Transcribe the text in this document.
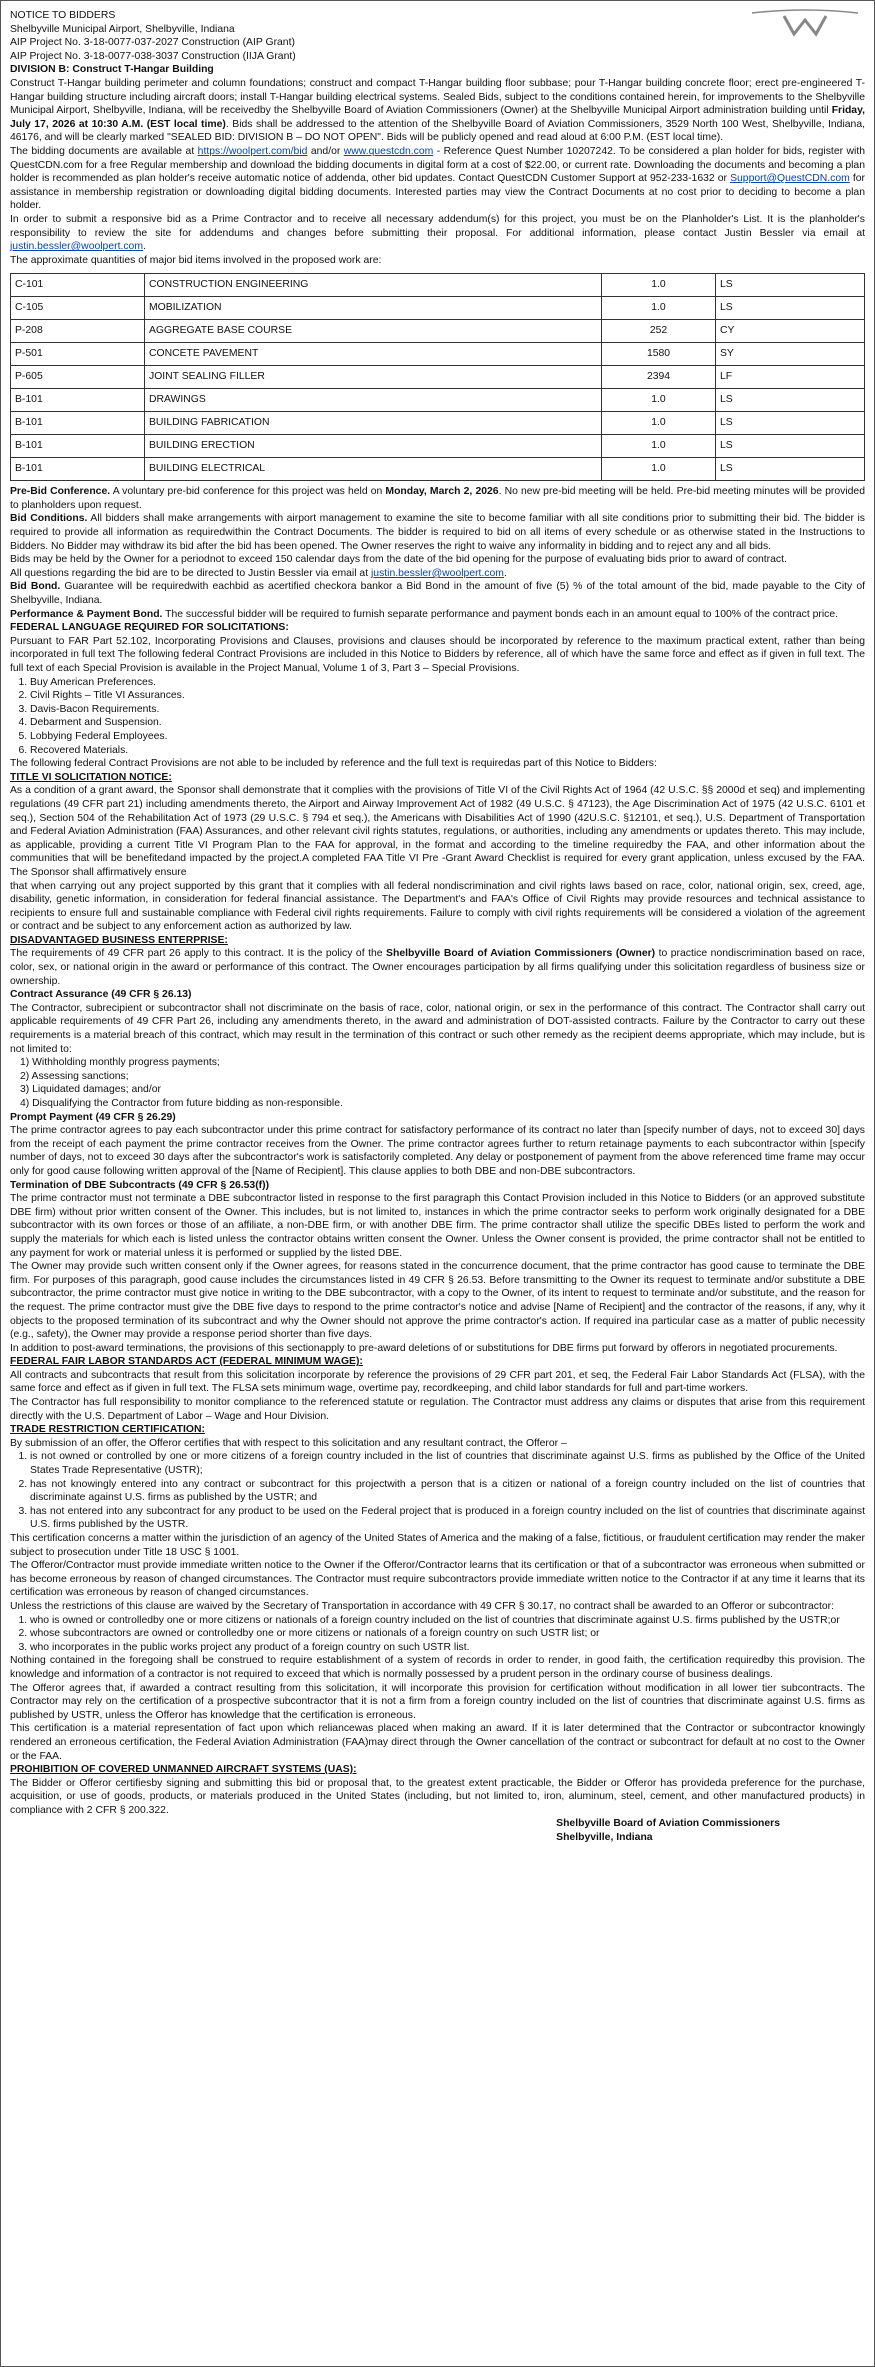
NOTICE TO BIDDERS

Shelbyville Municipal Airport, Shelbyville, Indiana

AIP Project No. 3-18-0077-037-2027 Construction (AIP Grant)

AIP Project No. 3-18-0077-038-3037 Construction (IIJA Grant)

DIVISION B: Construct T-Hangar Building

Construct T-Hangar building perimeter and column foundations; construct and compact T-Hangar building floor subbase; pour T-Hangar building concrete floor; erect pre-engineered T-Hangar building structure including aircraft doors; install T-Hangar building electrical systems. Sealed Bids, subject to the conditions contained herein, for improvements to the Shelbyville Municipal Airport, Shelbyville, Indiana, will be receivedby the Shelbyville Board of Aviation Commissioners (Owner) at the Shelbyville Municipal Airport administration building until Friday, July 17, 2026 at 10:30 A.M. (EST local time). Bids shall be addressed to the attention of the Shelbyville Board of Aviation Commissioners, 3529 North 100 West, Shelbyville, Indiana, 46176, and will be clearly marked "SEALED BID: DIVISION B – DO NOT OPEN". Bids will be publicly opened and read aloud at 6:00 P.M. (EST local time).

The bidding documents are available at https://woolpert.com/bid and/or www.questcdn.com - Reference Quest Number 10207242. To be considered a plan holder for bids, register with QuestCDN.com for a free Regular membership and download the bidding documents in digital form at a cost of $22.00, or current rate. Downloading the documents and becoming a plan holder is recommended as plan holder's receive automatic notice of addenda, other bid updates. Contact QuestCDN Customer Support at 952-233-1632 or Support@QuestCDN.com for assistance in membership registration or downloading digital bidding documents. Interested parties may view the Contract Documents at no cost prior to deciding to become a plan holder.

In order to submit a responsive bid as a Prime Contractor and to receive all necessary addendum(s) for this project, you must be on the Planholder's List. It is the planholder's responsibility to review the site for addendums and changes before submitting their proposal. For additional information, please contact Justin Bessler via email at justin.bessler@woolpert.com.

The approximate quantities of major bid items involved in the proposed work are:

C-101	CONSTRUCTION ENGINEERING	1.0	LS
C-105	MOBILIZATION	1.0	LS
P-208	AGGREGATE BASE COURSE	252	CY
P-501	CONCETE PAVEMENT	1580	SY
P-605	JOINT SEALING FILLER	2394	LF
B-101	DRAWINGS	1.0	LS
B-101	BUILDING FABRICATION	1.0	LS
B-101	BUILDING ERECTION	1.0	LS
B-101	BUILDING ELECTRICAL	1.0	LS

Pre-Bid Conference. A voluntary pre-bid conference for this project was held on Monday, March 2, 2026. No new pre-bid meeting will be held. Pre-bid meeting minutes will be provided to planholders upon request.

Bid Conditions. All bidders shall make arrangements with airport management to examine the site to become familiar with all site conditions prior to submitting their bid. The bidder is required to provide all information as requiredwithin the Contract Documents. The bidder is required to bid on all items of every schedule or as otherwise stated in the Instructions to Bidders. No Bidder may withdraw its bid after the bid has been opened. The Owner reserves the right to waive any informality in bidding and to reject any and all bids.

Bids may be held by the Owner for a periodnot to exceed 150 calendar days from the date of the bid opening for the purpose of evaluating bids prior to award of contract.

All questions regarding the bid are to be directed to Justin Bessler via email at justin.bessler@woolpert.com.

Bid Bond. Guarantee will be requiredwith eachbid as acertified checkora bankor a Bid Bond in the amount of five (5) % of the total amount of the bid, made payable to the City of Shelbyville, Indiana.

Performance & Payment Bond. The successful bidder will be required to furnish separate performance and payment bonds each in an amount equal to 100% of the contract price.

FEDERAL LANGUAGE REQUIRED FOR SOLICITATIONS:

Pursuant to FAR Part 52.102, Incorporating Provisions and Clauses, provisions and clauses should be incorporated by reference to the maximum practical extent, rather than being incorporated in full text The following federal Contract Provisions are included in this Notice to Bidders by reference, all of which have the same force and effect as if given in full text. The full text of each Special Provision is available in the Project Manual, Volume 1 of 3, Part 3 – Special Provisions.

1. Buy American Preferences.
2. Civil Rights – Title VI Assurances.
3. Davis-Bacon Requirements.
4. Debarment and Suspension.
5. Lobbying Federal Employees.
6. Recovered Materials.

The following federal Contract Provisions are not able to be included by reference and the full text is requiredas part of this Notice to Bidders:

TITLE VI SOLICITATION NOTICE:

As a condition of a grant award, the Sponsor shall demonstrate that it complies with the provisions of Title VI of the Civil Rights Act of 1964 (42 U.S.C. §§ 2000d et seq) and implementing regulations (49 CFR part 21) including amendments thereto, the Airport and Airway Improvement Act of 1982 (49 U.S.C. § 47123), the Age Discrimination Act of 1975 (42 U.S.C. 6101 et seq.), Section 504 of the Rehabilitation Act of 1973 (29 U.S.C. § 794 et seq.), the Americans with Disabilities Act of 1990 (42U.S.C. §12101, et seq.), U.S. Department of Transportation and Federal Aviation Administration (FAA) Assurances, and other relevant civil rights statutes, regulations, or authorities, including any amendments or updates thereto. This may include, as applicable, providing a current Title VI Program Plan to the FAA for approval, in the format and according to the timeline requiredby the FAA, and other information about the communities that will be benefitedand impacted by the project.A completed FAA Title VI Pre -Grant Award Checklist is required for every grant application, unless excused by the FAA. The Sponsor shall affirmatively ensure

that when carrying out any project supported by this grant that it complies with all federal nondiscrimination and civil rights laws based on race, color, national origin, sex, creed, age, disability, genetic information, in consideration for federal financial assistance. The Department's and FAA's Office of Civil Rights may provide resources and technical assistance to recipients to ensure full and sustainable compliance with Federal civil rights requirements. Failure to comply with civil rights requirements will be considered a violation of the agreement or contract and be subject to any enforcement action as authorized by law.

DISADVANTAGED BUSINESS ENTERPRISE:

The requirements of 49 CFR part 26 apply to this contract. It is the policy of the Shelbyville Board of Aviation Commissioners (Owner) to practice nondiscrimination based on race, color, sex, or national origin in the award or performance of this contract. The Owner encourages participation by all firms qualifying under this solicitation regardless of business size or ownership.

Contract Assurance (49 CFR § 26.13)

The Contractor, subrecipient or subcontractor shall not discriminate on the basis of race, color, national origin, or sex in the performance of this contract. The Contractor shall carry out applicable requirements of 49 CFR Part 26, including any amendments thereto, in the award and administration of DOT-assisted contracts. Failure by the Contractor to carry out these requirements is a material breach of this contract, which may result in the termination of this contract or such other remedy as the recipient deems appropriate, which may include, but is not limited to:

1) Withholding monthly progress payments;
2) Assessing sanctions;
3) Liquidated damages; and/or
4) Disqualifying the Contractor from future bidding as non-responsible.

Prompt Payment (49 CFR § 26.29)

The prime contractor agrees to pay each subcontractor under this prime contract for satisfactory performance of its contract no later than [specify number of days, not to exceed 30] days from the receipt of each payment the prime contractor receives from the Owner. The prime contractor agrees further to return retainage payments to each subcontractor within [specify number of days, not to exceed 30 days after the subcontractor's work is satisfactorily completed. Any delay or postponement of payment from the above referenced time frame may occur only for good cause following written approval of the [Name of Recipient]. This clause applies to both DBE and non-DBE subcontractors.

Termination of DBE Subcontracts (49 CFR § 26.53(f))

The prime contractor must not terminate a DBE subcontractor listed in response to the first paragraph this Contact Provision included in this Notice to Bidders (or an approved substitute DBE firm) without prior written consent of the Owner. This includes, but is not limited to, instances in which the prime contractor seeks to perform work originally designated for a DBE subcontractor with its own forces or those of an affiliate, a non-DBE firm, or with another DBE firm. The prime contractor shall utilize the specific DBEs listed to perform the work and supply the materials for which each is listed unless the contractor obtains written consent the Owner. Unless the Owner consent is provided, the prime contractor shall not be entitled to any payment for work or material unless it is performed or supplied by the listed DBE.

The Owner may provide such written consent only if the Owner agrees, for reasons stated in the concurrence document, that the prime contractor has good cause to terminate the DBE firm. For purposes of this paragraph, good cause includes the circumstances listed in 49 CFR § 26.53. Before transmitting to the Owner its request to terminate and/or substitute a DBE subcontractor, the prime contractor must give notice in writing to the DBE subcontractor, with a copy to the Owner, of its intent to request to terminate and/or substitute, and the reason for the request. The prime contractor must give the DBE five days to respond to the prime contractor's notice and advise [Name of Recipient] and the contractor of the reasons, if any, why it objects to the proposed termination of its subcontract and why the Owner should not approve the prime contractor's action. If required ina particular case as a matter of public necessity (e.g., safety), the Owner may provide a response period shorter than five days.

In addition to post-award terminations, the provisions of this sectionapply to pre-award deletions of or substitutions for DBE firms put forward by offerors in negotiated procurements.

FEDERAL FAIR LABOR STANDARDS ACT (FEDERAL MINIMUM WAGE):

All contracts and subcontracts that result from this solicitation incorporate by reference the provisions of 29 CFR part 201, et seq, the Federal Fair Labor Standards Act (FLSA), with the same force and effect as if given in full text. The FLSA sets minimum wage, overtime pay, recordkeeping, and child labor standards for full and part-time workers.

The Contractor has full responsibility to monitor compliance to the referenced statute or regulation. The Contractor must address any claims or disputes that arise from this requirement directly with the U.S. Department of Labor – Wage and Hour Division.

TRADE RESTRICTION CERTIFICATION:

By submission of an offer, the Offeror certifies that with respect to this solicitation and any resultant contract, the Offeror –

1. is not owned or controlled by one or more citizens of a foreign country included in the list of countries that discriminate against U.S. firms as published by the Office of the United States Trade Representative (USTR);
2. has not knowingly entered into any contract or subcontract for this projectwith a person that is a citizen or national of a foreign country included on the list of countries that discriminate against U.S. firms as published by the USTR; and
3. has not entered into any subcontract for any product to be used on the Federal project that is produced in a foreign country included on the list of countries that discriminate against U.S. firms published by the USTR.

This certification concerns a matter within the jurisdiction of an agency of the United States of America and the making of a false, fictitious, or fraudulent certification may render the maker subject to prosecution under Title 18 USC § 1001.

The Offeror/Contractor must provide immediate written notice to the Owner if the Offeror/Contractor learns that its certification or that of a subcontractor was erroneous when submitted or has become erroneous by reason of changed circumstances. The Contractor must require subcontractors provide immediate written notice to the Contractor if at any time it learns that its certification was erroneous by reason of changed circumstances.

Unless the restrictions of this clause are waived by the Secretary of Transportation in accordance with 49 CFR § 30.17, no contract shall be awarded to an Offeror or subcontractor:

1. who is owned or controlledby one or more citizens or nationals of a foreign country included on the list of countries that discriminate against U.S. firms published by the USTR;or
2. whose subcontractors are owned or controlledby one or more citizens or nationals of a foreign country on such USTR list; or
3. who incorporates in the public works project any product of a foreign country on such USTR list.

Nothing contained in the foregoing shall be construed to require establishment of a system of records in order to render, in good faith, the certification requiredby this provision. The knowledge and information of a contractor is not required to exceed that which is normally possessed by a prudent person in the ordinary course of business dealings.

The Offeror agrees that, if awarded a contract resulting from this solicitation, it will incorporate this provision for certification without modification in all lower tier subcontracts. The Contractor may rely on the certification of a prospective subcontractor that it is not a firm from a foreign country included on the list of countries that discriminate against U.S. firms as published by USTR, unless the Offeror has knowledge that the certification is erroneous.

This certification is a material representation of fact upon which reliancewas placed when making an award. If it is later determined that the Contractor or subcontractor knowingly rendered an erroneous certification, the Federal Aviation Administration (FAA)may direct through the Owner cancellation of the contract or subcontract for default at no cost to the Owner or the FAA.

PROHIBITION OF COVERED UNMANNED AIRCRAFT SYSTEMS (UAS):

The Bidder or Offeror certifiesby signing and submitting this bid or proposal that, to the greatest extent practicable, the Bidder or Offeror has provideda preference for the purchase, acquisition, or use of goods, products, or materials produced in the United States (including, but not limited to, iron, aluminum, steel, cement, and other manufactured products) in compliance with 2 CFR § 200.322.

Shelbyville Board of Aviation Commissioners

Shelbyville, Indiana
